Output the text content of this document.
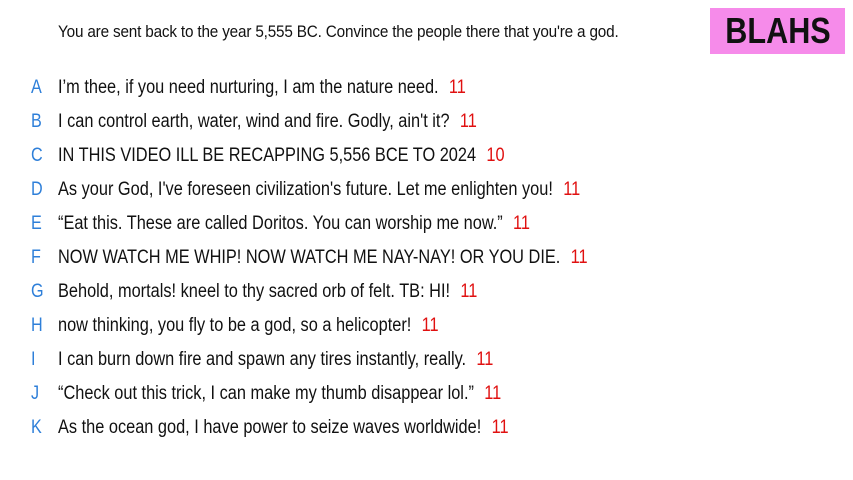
You are sent back to the year 5,555 BC. Convince the people there that you're a god.	BLAHS
A I’m thee, if you need nurturing, I am the nature need. 11
B I can control earth, water, wind and fire. Godly, ain't it? 11
C IN THIS VIDEO ILL BE RECAPPING 5,556 BCE TO 2024 10
D As your God, I've foreseen civilization's future. Let me enlighten you! 11
E “Eat this. These are called Doritos. You can worship me now.” 11
F NOW WATCH ME WHIP! NOW WATCH ME NAY-NAY! OR YOU DIE. 11
G Behold, mortals! kneel to thy sacred orb of felt. TB: HI! 11
H now thinking, you fly to be a god, so a helicopter! 11
I	I can burn down fire and spawn any tires instantly, really. 11
J “Check out this trick, I can make my thumb disappear lol.” 11
K As the ocean god, I have power to seize waves worldwide! 11
